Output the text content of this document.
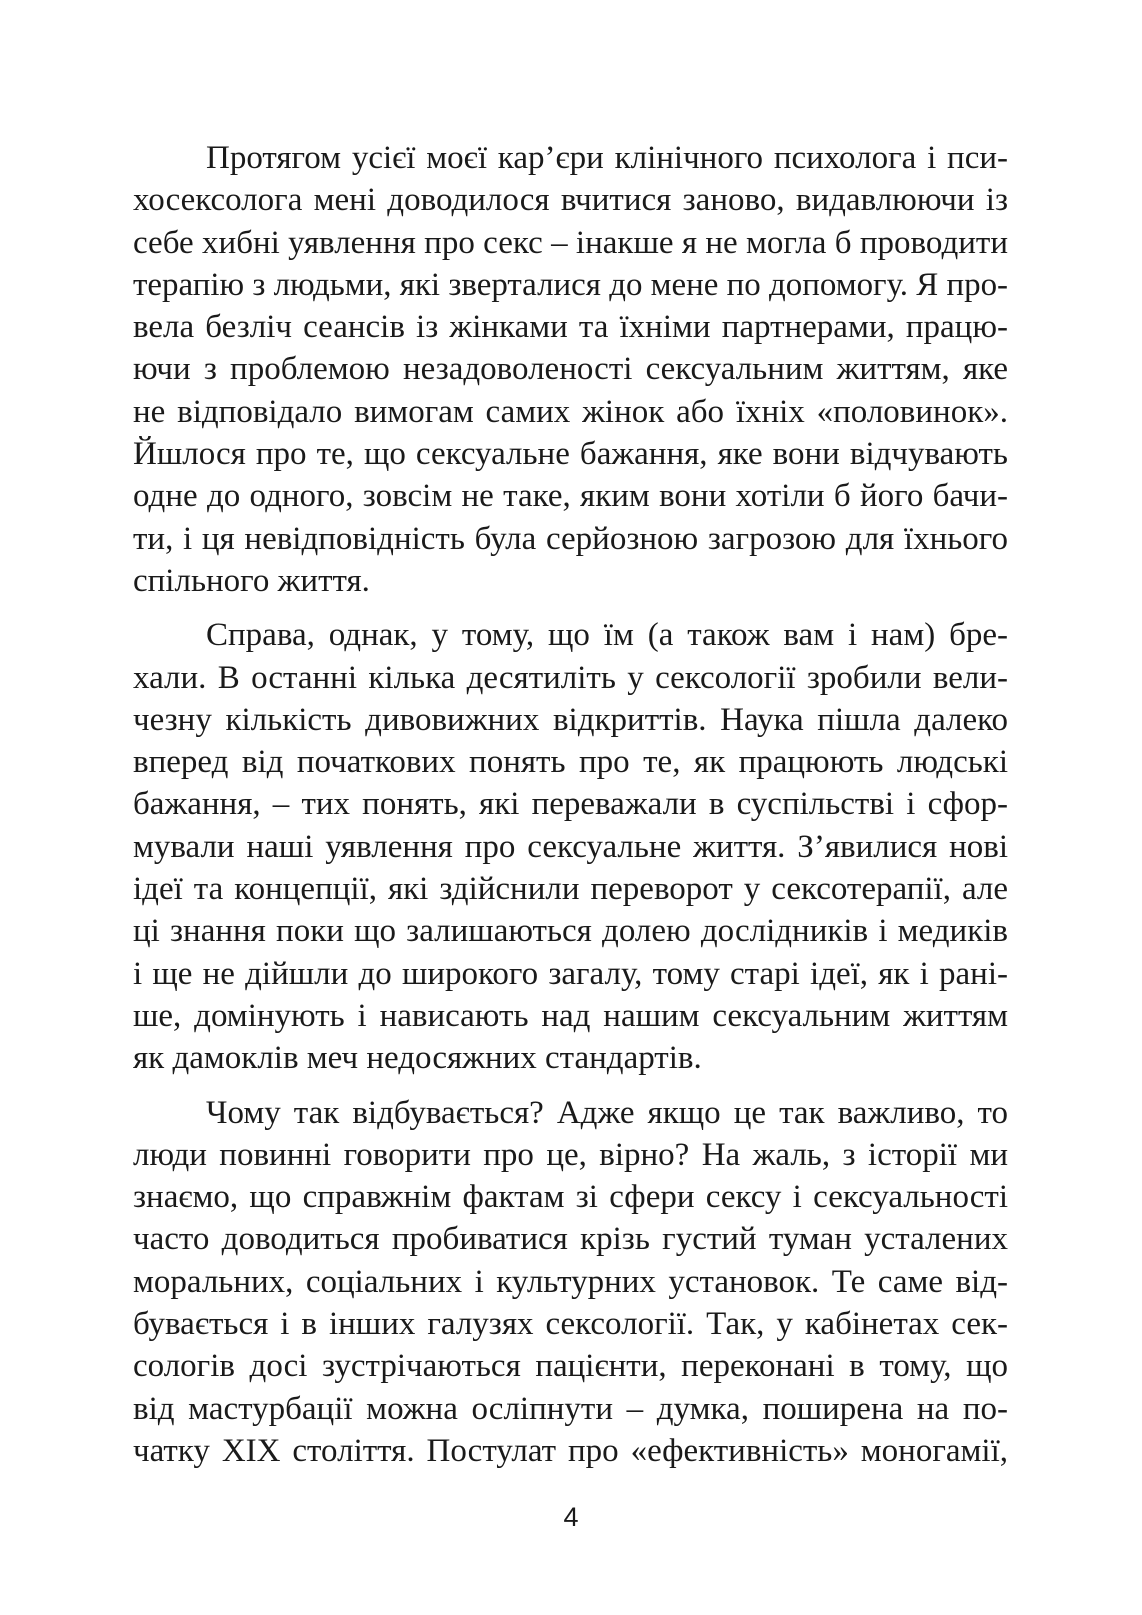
Протягом усієї моєї кар’єри клінічного психолога і пси-
хосексолога мені доводилося вчитися заново, видавлюючи із
себе хибні уявлення про секс – інакше я не могла б проводити
терапію з людьми, які зверталися до мене по допомогу. Я про-
вела безліч сеансів із жінками та їхніми партнерами, працю-
ючи з проблемою незадоволеності сексуальним життям, яке
не відповідало вимогам самих жінок або їхніх «половинок».
Йшлося про те, що сексуальне бажання, яке вони відчувають
одне до одного, зовсім не таке, яким вони хотіли б його бачи-
ти, і ця невідповідність була серйозною загрозою для їхнього
спільного життя.

Справа, однак, у тому, що їм (а також вам і нам) бре-
хали. В останні кілька десятиліть у сексології зробили вели-
чезну кількість дивовижних відкриттів. Наука пішла далеко
вперед від початкових понять про те, як працюють людські
бажання, – тих понять, які переважали в суспільстві і сфор-
мували наші уявлення про сексуальне життя. З’явилися нові
ідеї та концепції, які здійснили переворот у сексотерапії, але
ці знання поки що залишаються долею дослідників і медиків
і ще не дійшли до широкого загалу, тому старі ідеї, як і рані-
ше, домінують і нависають над нашим сексуальним життям
як дамоклів меч недосяжних стандартів.

Чому так відбувається? Адже якщо це так важливо, то
люди повинні говорити про це, вірно? На жаль, з історії ми
знаємо, що справжнім фактам зі сфери сексу і сексуальності
часто доводиться пробиватися крізь густий туман усталених
моральних, соціальних і культурних установок. Те саме від-
бувається і в інших галузях сексології. Так, у кабінетах сек-
сологів досі зустрічаються пацієнти, переконані в тому, що
від мастурбації можна осліпнути – думка, поширена на по-
чатку XIX століття. Постулат про «ефективність» моногамії,

4
